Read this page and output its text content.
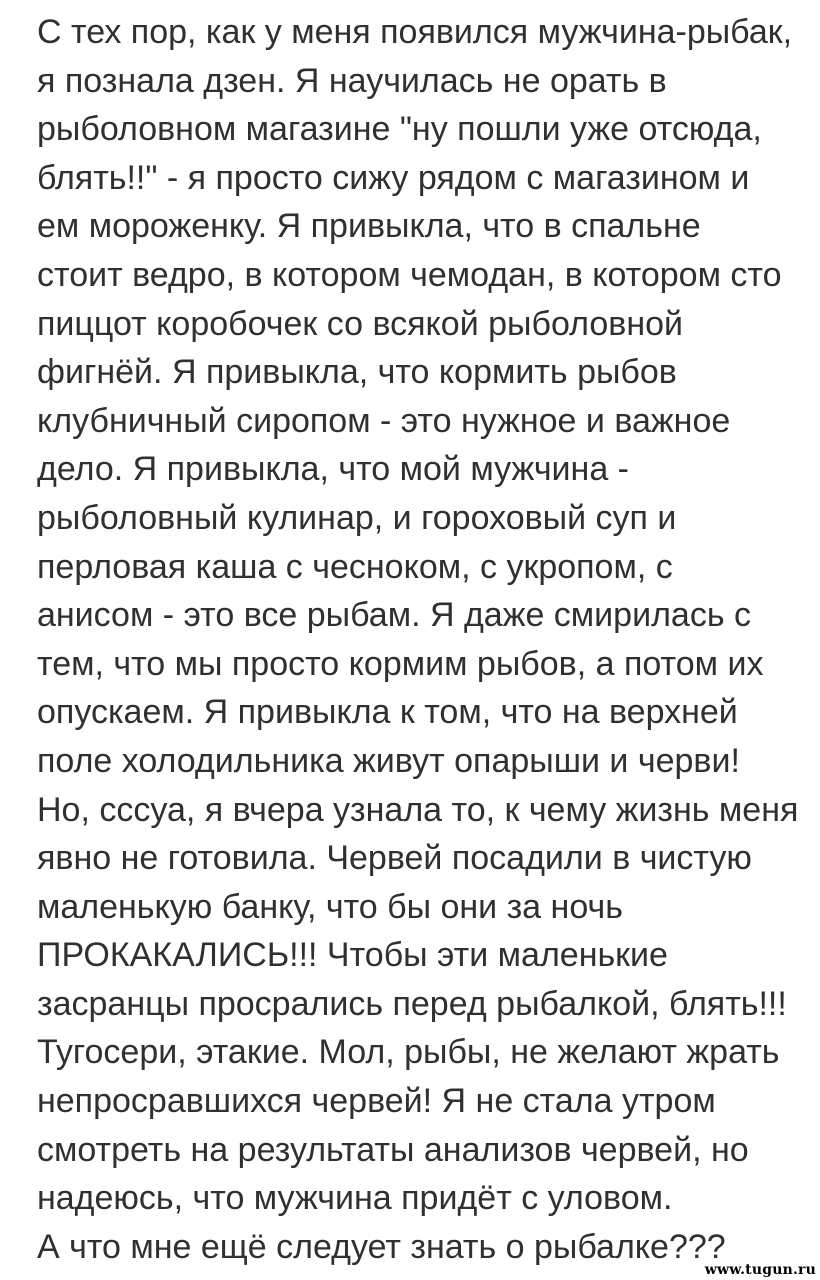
С тех пор, как у меня появился мужчина-рыбак,
я познала дзен. Я научилась не орать в
рыболовном магазине "ну пошли уже отсюда,
блять!!" - я просто сижу рядом с магазином и
ем мороженку. Я привыкла, что в спальне
стоит ведро, в котором чемодан, в котором сто
пиццот коробочек со всякой рыболовной
фигнёй. Я привыкла, что кормить рыбов
клубничный сиропом - это нужное и важное
дело. Я привыкла, что мой мужчина -
рыболовный кулинар, и гороховый суп и
перловая каша с чесноком, с укропом, с
анисом - это все рыбам. Я даже смирилась с
тем, что мы просто кормим рыбов, а потом их
опускаем. Я привыкла к том, что на верхней
поле холодильника живут опарыши и черви!
Но, сссуа, я вчера узнала то, к чему жизнь меня
явно не готовила. Червей посадили в чистую
маленькую банку, что бы они за ночь
ПРОКАКАЛИСЬ!!! Чтобы эти маленькие
засранцы просрались перед рыбалкой, блять!!!
Тугосери, этакие. Мол, рыбы, не желают жрать
непросравшихся червей! Я не стала утром
смотреть на результаты анализов червей, но
надеюсь, что мужчина придёт с уловом.
А что мне ещё следует знать о рыбалке???
www.tugun.ru
